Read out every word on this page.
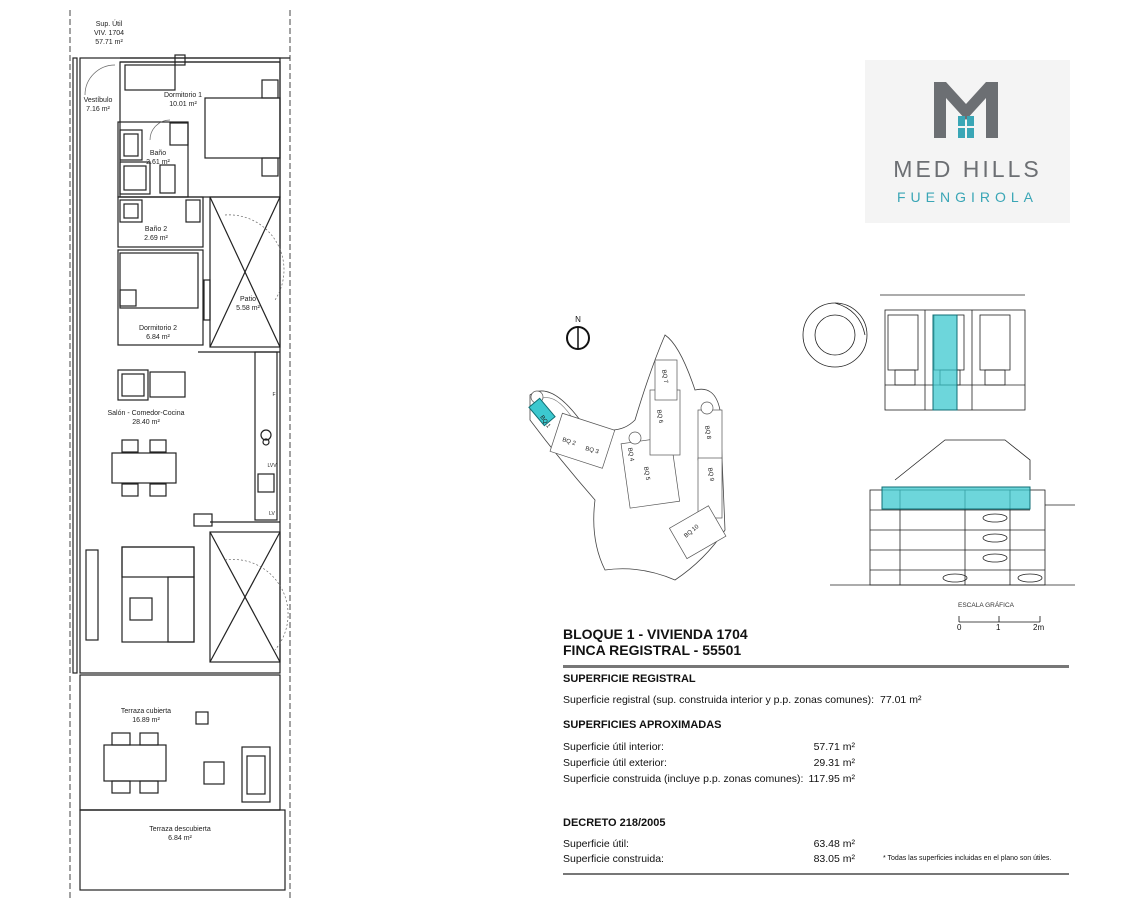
Sup. Útil
VIV. 1704
57.71 m²
Vestíbulo
7.16 m²
Dormitorio 1
10.01 m²
Baño
2.61 m²
Baño 2
2.69 m²
Patio
5.58 m²
Dormitorio 2
6.84 m²
Salón - Comedor-Cocina
28.40 m²
Terraza cubierta
16.89 m²
Terraza descubierta
6.84 m²
F
LVV
LV
MED HILLS
FUENGIROLA
N
BQ 1
BQ 2
BQ 3	BQ 4
BQ 5
BQ 6
BQ 7
BQ 8
BQ 9
BQ 10
ESCALA GRÁFICA
0	1	2m
BLOQUE 1 - VIVIENDA 1704
FINCA REGISTRAL - 55501
SUPERFICIE REGISTRAL
Superficie registral (sup. construida interior y p.p. zonas comunes): 77.01 m²
SUPERFICIES APROXIMADAS
Superficie útil interior:	57.71 m²
Superficie útil exterior:	29.31 m²
Superficie construida (incluye p.p. zonas comunes): 117.95 m²
DECRETO 218/2005
Superficie útil:	63.48 m²
Superficie construida:	83.05 m²	* Todas las superficies incluidas en el plano son útiles.
